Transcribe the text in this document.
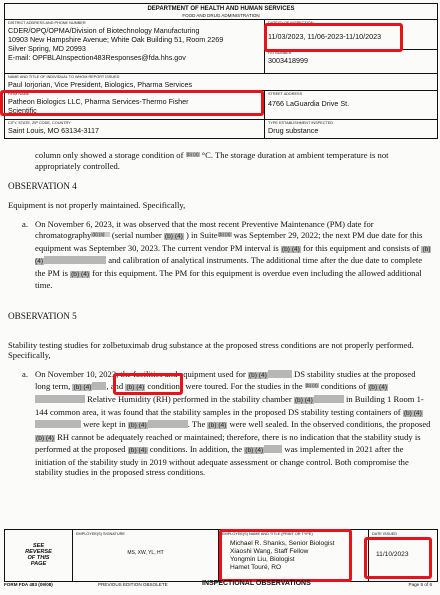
DEPARTMENT OF HEALTH AND HUMAN SERVICES
FOOD AND DRUG ADMINISTRATION
DISTRICT ADDRESS AND PHONE NUMBER
CDER/OPQ/OPMA/Division of Biotechnology Manufacturing
10903 New Hampshire Avenue; White Oak Building 51, Room 2269
Silver Spring, MD 20993
E-mail: OPFBLAInspection483Responses@fda.hhs.gov
DATE(S) OF INSPECTION
11/03/2023, 11/06-2023-11/10/2023
FEI NUMBER
3003418999
NAME AND TITLE OF INDIVIDUAL TO WHOM REPORT ISSUED
Paul Iorjorian, Vice President, Biologics, Pharma Services
FIRM NAME
Patheon Biologics LLC, Pharma Services-Thermo Fisher
Scientific
STREET ADDRESS
4766 LaGuardia Drive St.
CITY, STATE, ZIP CODE, COUNTRY
Saint Louis, MO 63134-3117
TYPE ESTABLISHMENT INSPECTED
Drug substance

column only showed a storage condition of $^{(b) (4)}$ °C. The storage duration at ambient temperature is not appropriately controlled.

OBSERVATION 4

Equipment is not properly maintained. Specifically,

a. On November 6, 2023, it was observed that the most recent Preventive Maintenance (PM) date for chromatography$^{(b) (4)}$ (serial number (b) (4) ) in Suite$^{(b) (4)}$ was September 29, 2022; the next PM due date for this equipment was September 30, 2023. The current vendor PM interval is (b) (4) for this equipment and consists of (b) (4)	and calibration of analytical instruments. The additional time after the due date to complete the PM is (b) (4) for this equipment. The PM for this equipment is overdue even including the allowed additional time.

OBSERVATION 5

Stability testing studies for zolbetuximab drug substance at the proposed stress conditions are not properly performed. Specifically,

a. On November 10, 2023, the facilities and equipment used for (b) (4)	DS stability studies at the proposed long term, (b) (4) , and (b) (4) conditions were toured. For the studies in the $^{(b) (4)}$ conditions of (b) (4) Relative Humidity (RH) performed in the stability chamber (b) (4)	in Building 1 Room 1-144 common area, it was found that the stability samples in the proposed DS stability testing containers of (b) (4) were kept in (b) (4)	. The (b) (4) were well sealed. In the observed conditions, the proposed (b) (4) RH cannot be adequately reached or maintained; therefore, there is no indication that the stability study is performed at the proposed (b) (4) conditions. In addition, the (b) (4) was implemented in 2021 after the initiation of the stability study in 2019 without adequate assessment or change control. Both compromise the stability studies in the proposed stress conditions.
SEE
REVERSE
OF THIS
PAGE
EMPLOYEE(S) SIGNATURE
MS, XW, YL, HT
EMPLOYEE(S) NAME AND TITLE (PRINT OR TYPE)
Michael R. Shanks, Senior Biologist
Xiaoshi Wang, Staff Fellow
Yongmin Liu, Biologist
Hamet Touré, RO
DATE ISSUED
11/10/2023
FORM FDA 483 (09/08)	PREVIOUS EDITION OBSOLETE	INSPECTIONAL OBSERVATIONS	Page 5 of 6
